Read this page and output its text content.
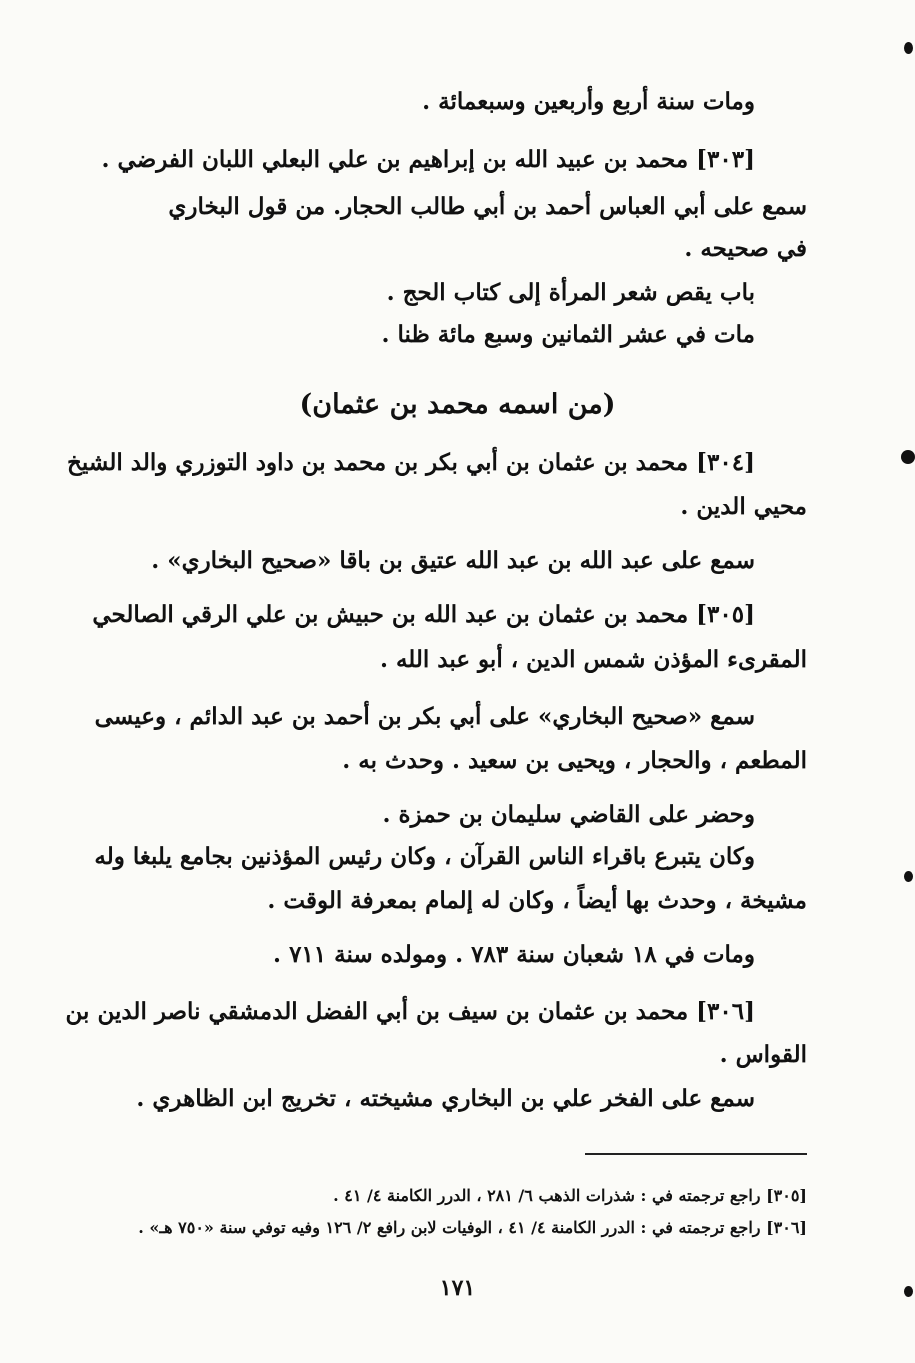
ومات سنة أربع وأربعين وسبعمائة .
[٣٠٣] محمد بن عبيد الله بن إبراهيم بن علي البعلي اللبان الفرضي .
سمع على أبي العباس أحمد بن أبي طالب الحجار. من قول البخاري
في صحيحه .
باب يقص شعر المرأة إلى كتاب الحج .
مات في عشر الثمانين وسبع مائة ظنا .
(من اسمه محمد بن عثمان)
[٣٠٤] محمد بن عثمان بن أبي بكر بن محمد بن داود التوزري والد الشيخ
محيي الدين .
سمع على عبد الله بن عبد الله عتيق بن باقا «صحيح البخاري» .
[٣٠٥] محمد بن عثمان بن عبد الله بن حبيش بن علي الرقي الصالحي
المقرىء المؤذن شمس الدين ، أبو عبد الله .
سمع «صحيح البخاري» على أبي بكر بن أحمد بن عبد الدائم ، وعيسى
المطعم ، والحجار ، ويحيى بن سعيد . وحدث به .
وحضر على القاضي سليمان بن حمزة .
وكان يتبرع باقراء الناس القرآن ، وكان رئيس المؤذنين بجامع يلبغا وله
مشيخة ، وحدث بها أيضاً ، وكان له إلمام بمعرفة الوقت .
ومات في ١٨ شعبان سنة ٧٨٣ . ومولده سنة ٧١١ .
[٣٠٦] محمد بن عثمان بن سيف بن أبي الفضل الدمشقي ناصر الدين بن
القواس .
سمع على الفخر علي بن البخاري مشيخته ، تخريج ابن الظاهري .
[٣٠٥] راجع ترجمته في : شذرات الذهب ٦/ ٢٨١ ، الدرر الكامنة ٤/ ٤١ .
[٣٠٦] راجع ترجمته في : الدرر الكامنة ٤/ ٤١ ، الوفيات لابن رافع ٢/ ١٢٦ وفيه توفي سنة «٧٥٠ هـ» .
١٧١
